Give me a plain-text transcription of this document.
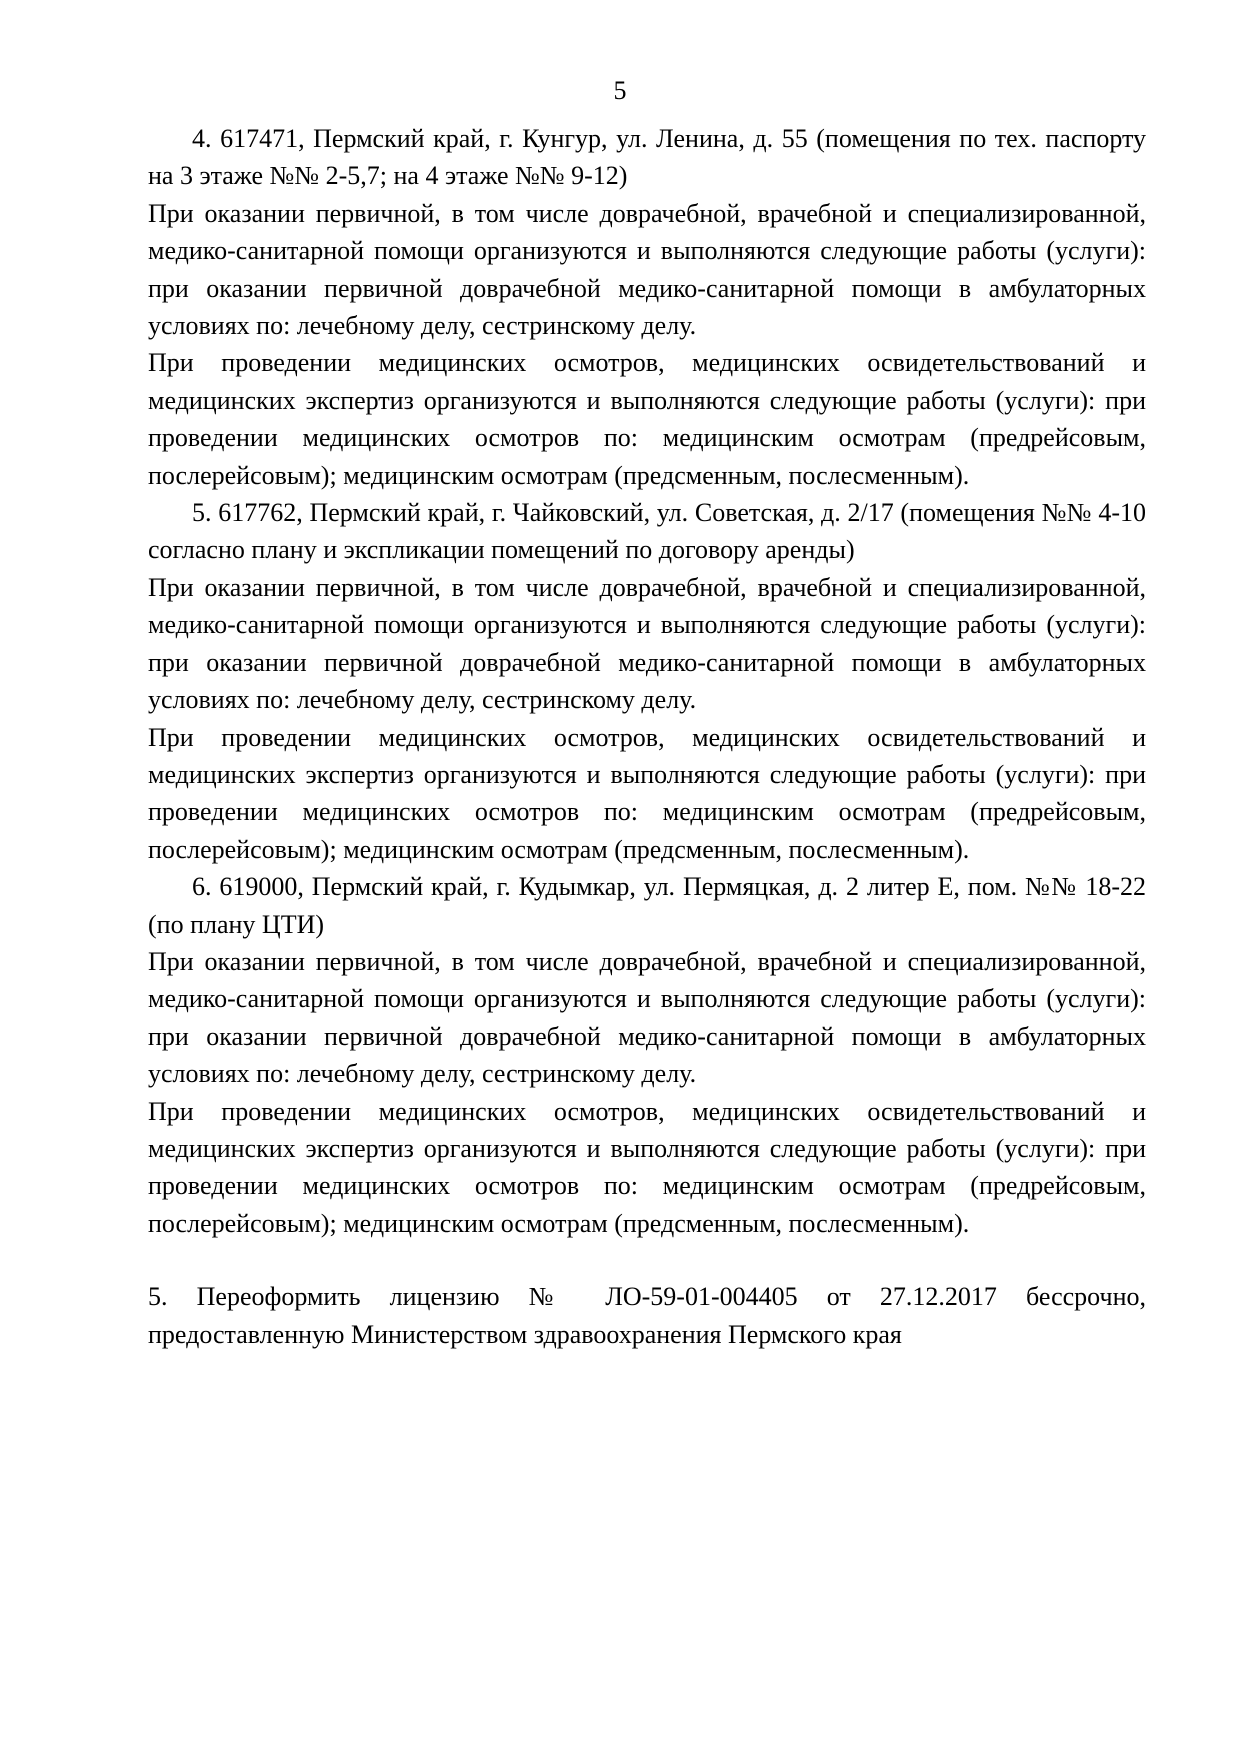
5

4. 617471, Пермский край, г. Кунгур, ул. Ленина, д. 55 (помещения по тех. паспорту на 3 этаже №№ 2-5,7; на 4 этаже №№ 9-12)

При оказании первичной, в том числе доврачебной, врачебной и специализированной, медико-санитарной помощи организуются и выполняются следующие работы (услуги): при оказании первичной доврачебной медико-санитарной помощи в амбулаторных условиях по: лечебному делу, сестринскому делу.

При проведении медицинских осмотров, медицинских освидетельствований и медицинских экспертиз организуются и выполняются следующие работы (услуги): при проведении медицинских осмотров по: медицинским осмотрам (предрейсовым, послерейсовым); медицинским осмотрам (предсменным, послесменным).

5. 617762, Пермский край, г. Чайковский, ул. Советская, д. 2/17 (помещения №№ 4-10 согласно плану и экспликации помещений по договору аренды)

При оказании первичной, в том числе доврачебной, врачебной и специализированной, медико-санитарной помощи организуются и выполняются следующие работы (услуги): при оказании первичной доврачебной медико-санитарной помощи в амбулаторных условиях по: лечебному делу, сестринскому делу.

При проведении медицинских осмотров, медицинских освидетельствований и медицинских экспертиз организуются и выполняются следующие работы (услуги): при проведении медицинских осмотров по: медицинским осмотрам (предрейсовым, послерейсовым); медицинским осмотрам (предсменным, послесменным).

6. 619000, Пермский край, г. Кудымкар, ул. Пермяцкая, д. 2 литер Е, пом. №№ 18-22 (по плану ЦТИ)

При оказании первичной, в том числе доврачебной, врачебной и специализированной, медико-санитарной помощи организуются и выполняются следующие работы (услуги): при оказании первичной доврачебной медико-санитарной помощи в амбулаторных условиях по: лечебному делу, сестринскому делу.

При проведении медицинских осмотров, медицинских освидетельствований и медицинских экспертиз организуются и выполняются следующие работы (услуги): при проведении медицинских осмотров по: медицинским осмотрам (предрейсовым, послерейсовым); медицинским осмотрам (предсменным, послесменным).

5. Переоформить лицензию № ЛО-59-01-004405 от 27.12.2017 бессрочно, предоставленную Министерством здравоохранения Пермского края
